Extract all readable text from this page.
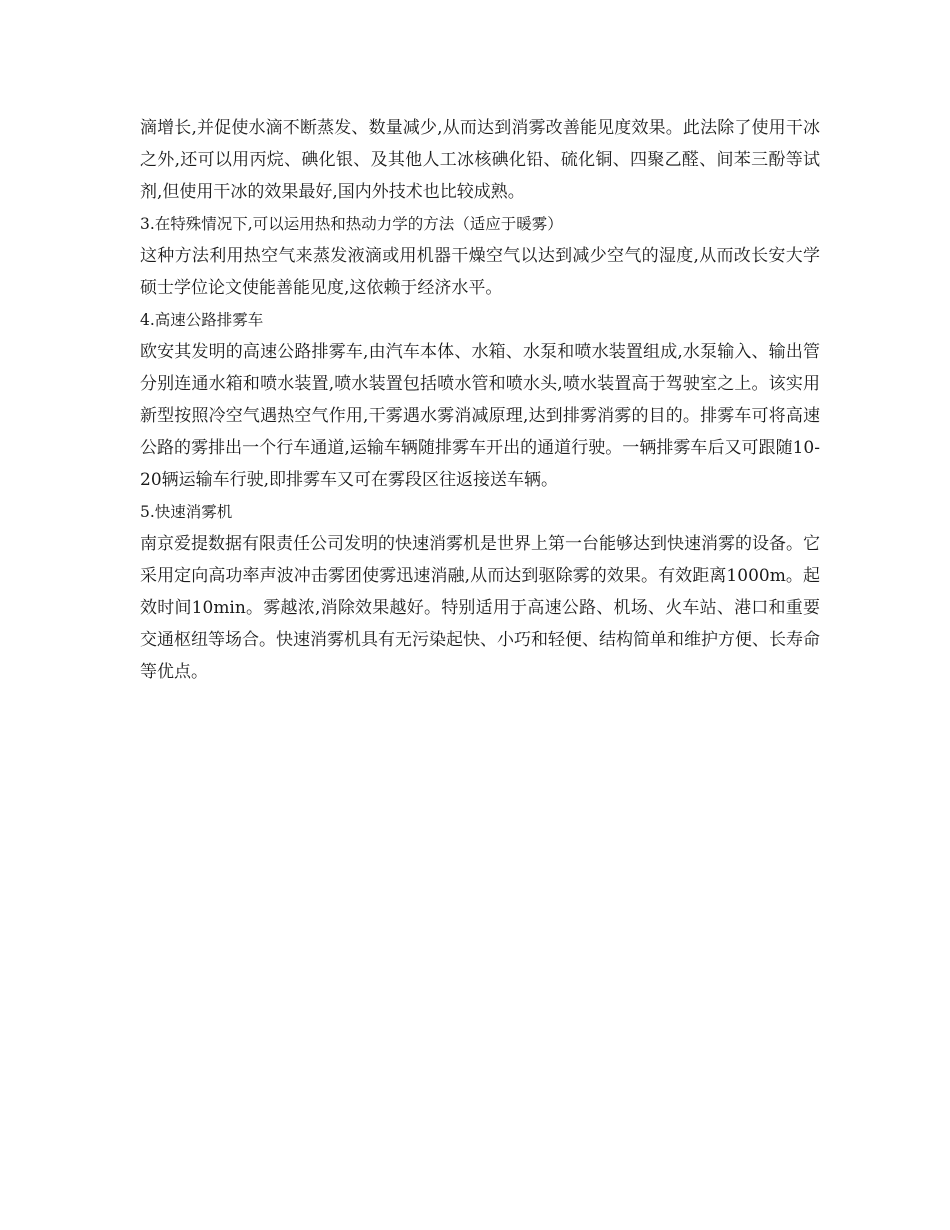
滴增长,并促使水滴不断蒸发、数量减少,从而达到消雾改善能见度效果。此法除了使用干冰之外,还可以用丙烷、碘化银、及其他人工冰核碘化铅、硫化铜、四聚乙醛、间苯三酚等试剂,但使用干冰的效果最好,国内外技术也比较成熟。

3.在特殊情况下,可以运用热和热动力学的方法（适应于暖雾）

这种方法利用热空气来蒸发液滴或用机器干燥空气以达到减少空气的湿度,从而改长安大学硕士学位论文使能善能见度,这依赖于经济水平。

4.高速公路排雾车

欧安其发明的高速公路排雾车,由汽车本体、水箱、水泵和喷水装置组成,水泵输入、输出管分别连通水箱和喷水装置,喷水装置包括喷水管和喷水头,喷水装置高于驾驶室之上。该实用新型按照冷空气遇热空气作用,干雾遇水雾消减原理,达到排雾消雾的目的。排雾车可将高速公路的雾排出一个行车通道,运输车辆随排雾车开出的通道行驶。一辆排雾车后又可跟随10-20辆运输车行驶,即排雾车又可在雾段区往返接送车辆。

5.快速消雾机

南京爱提数据有限责任公司发明的快速消雾机是世界上第一台能够达到快速消雾的设备。它采用定向高功率声波冲击雾团使雾迅速消融,从而达到驱除雾的效果。有效距离1000m。起效时间10min。雾越浓,消除效果越好。特别适用于高速公路、机场、火车站、港口和重要交通枢纽等场合。快速消雾机具有无污染起快、小巧和轻便、结构简单和维护方便、长寿命等优点。
